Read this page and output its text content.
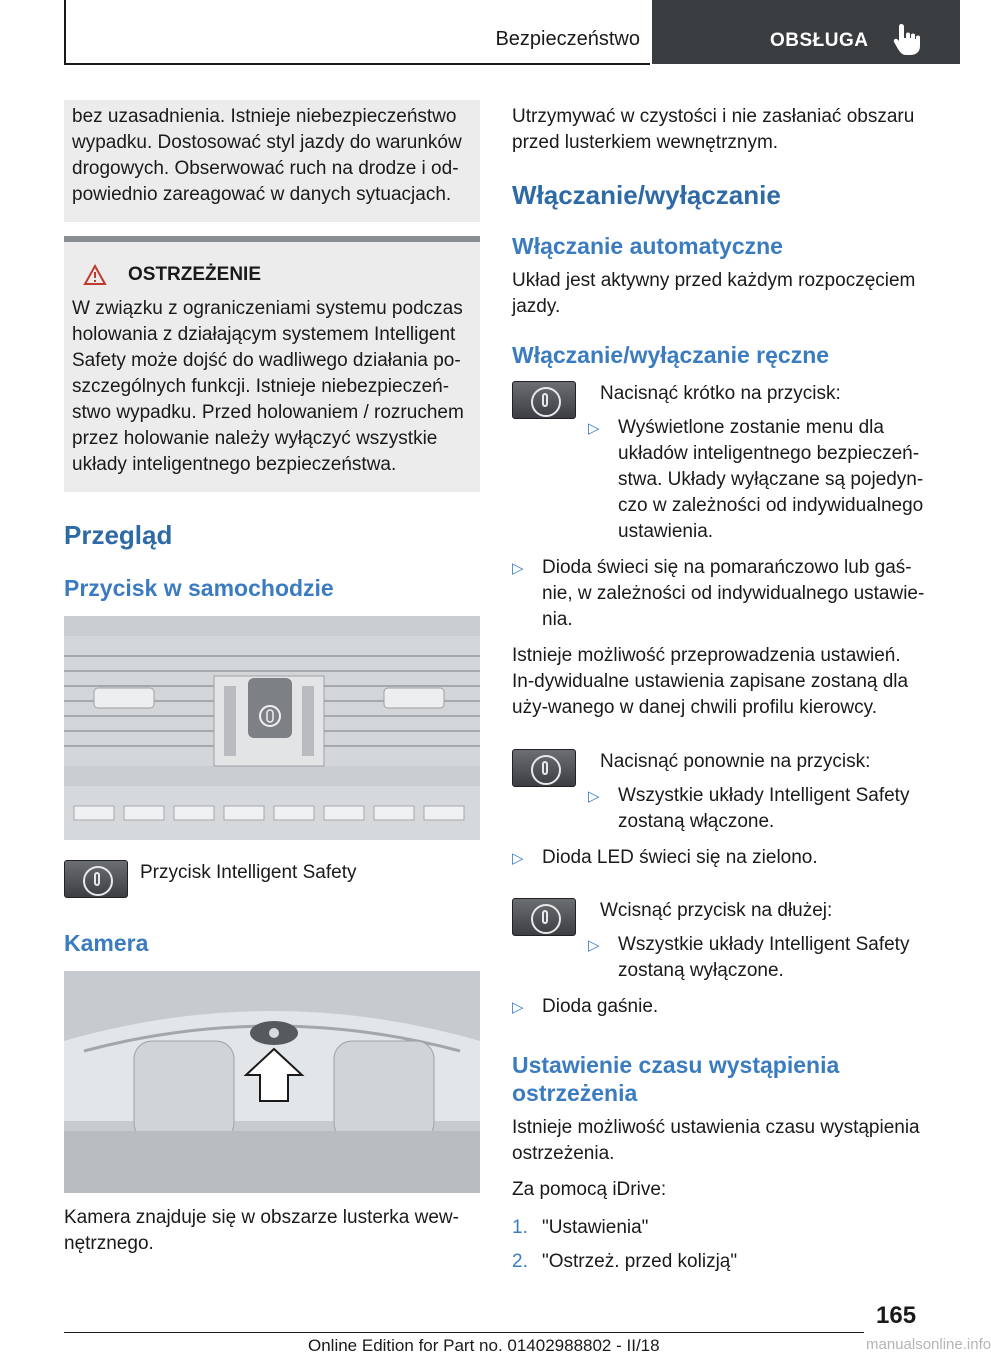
Bezpieczeństwo	OBSŁUGA

bez uzasadnienia. Istnieje niebezpieczeństwo wypadku. Dostosować styl jazdy do warunków drogowych. Obserwować ruch na drodze i od-powiednio zareagować w danych sytuacjach.

OSTRZEŻENIE

W związku z ograniczeniami systemu podczas holowania z działającym systemem Intelligent Safety może dojść do wadliwego działania po-szczególnych funkcji. Istnieje niebezpieczeń-stwo wypadku. Przed holowaniem / rozruchem przez holowanie należy wyłączyć wszystkie układy inteligentnego bezpieczeństwa.

Przegląd
Przycisk w samochodzie

Przycisk Intelligent Safety

Kamera

Kamera znajduje się w obszarze lusterka wew-nętrznego.

Utrzymywać w czystości i nie zasłaniać obszaru przed lusterkiem wewnętrznym.

Włączanie/wyłączanie
Włączanie automatyczne

Układ jest aktywny przed każdym rozpoczęciem jazdy.

Włączanie/wyłączanie ręczne

Nacisnąć krótko na przycisk:

▷ Wyświetlone zostanie menu dla układów inteligentnego bezpieczeń-stwa. Układy wyłączane są pojedyn-czo w zależności od indywidualnego ustawienia.
▷ Dioda świeci się na pomarańczowo lub gaś-nie, w zależności od indywidualnego ustawie-nia.

Istnieje możliwość przeprowadzenia ustawień. In-dywidualne ustawienia zapisane zostaną dla uży-wanego w danej chwili profilu kierowcy.

Nacisnąć ponownie na przycisk:

▷ Wszystkie układy Intelligent Safety zostaną włączone.
▷ Dioda LED świeci się na zielono.

Wcisnąć przycisk na dłużej:

▷ Wszystkie układy Intelligent Safety zostaną wyłączone.
▷ Dioda gaśnie.
Ustawienie czasu wystąpienia ostrzeżenia

Istnieje możliwość ustawienia czasu wystąpienia ostrzeżenia.

Za pomocą iDrive:

1. "Ustawienia"
2. "Ostrzeż. przed kolizją"
165
Online Edition for Part no. 01402988802 - II/18	manualsonline.info
